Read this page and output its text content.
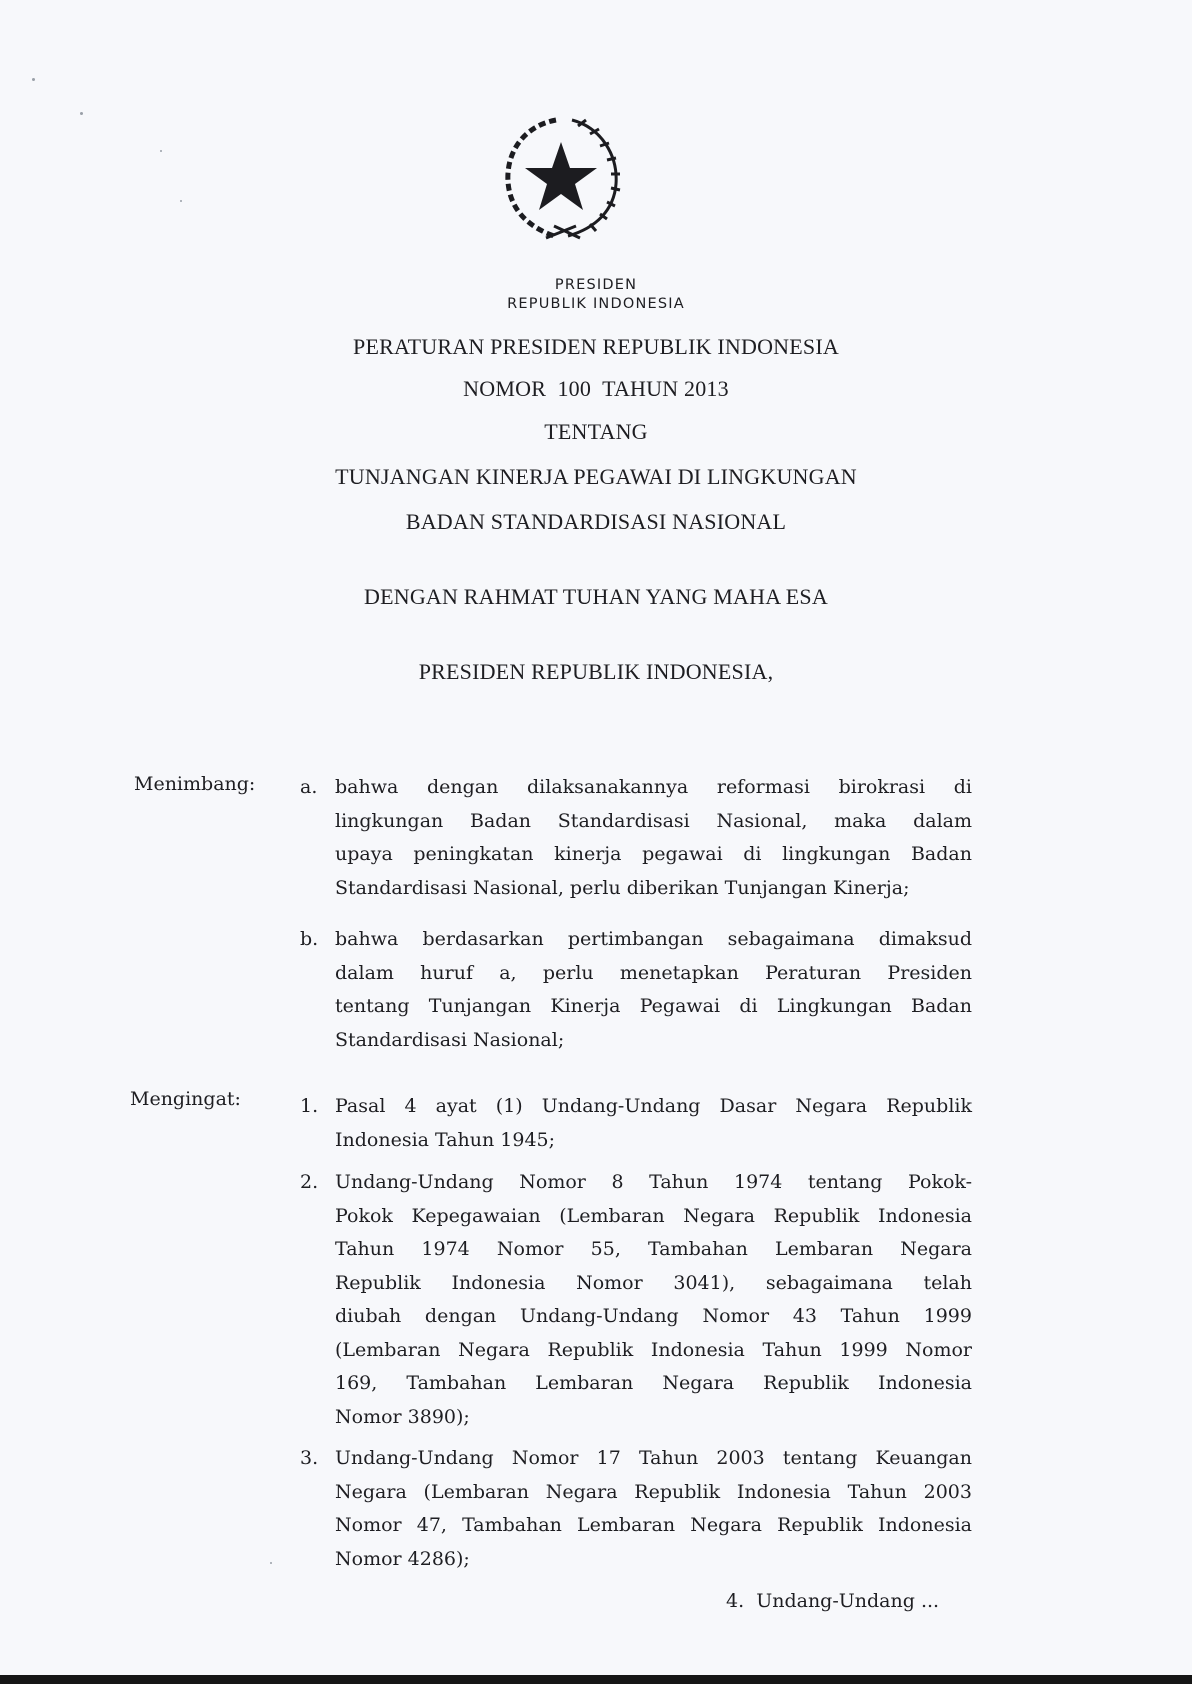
PRESIDEN
REPUBLIK INDONESIA
PERATURAN PRESIDEN REPUBLIK INDONESIA
NOMOR  100  TAHUN 2013
TENTANG
TUNJANGAN KINERJA PEGAWAI DI LINGKUNGAN
BADAN STANDARDISASI NASIONAL
DENGAN RAHMAT TUHAN YANG MAHA ESA
PRESIDEN REPUBLIK INDONESIA,
Menimbang: a. bahwa dengan dilaksanakannya reformasi birokrasi di
lingkungan Badan Standardisasi Nasional, maka dalam
upaya peningkatan kinerja pegawai di lingkungan Badan
Standardisasi Nasional, perlu diberikan Tunjangan Kinerja;
b. bahwa berdasarkan pertimbangan sebagaimana dimaksud
dalam huruf a, perlu menetapkan Peraturan Presiden
tentang Tunjangan Kinerja Pegawai di Lingkungan Badan
Standardisasi Nasional;
Mengingat:	1. Pasal 4 ayat (1) Undang-Undang Dasar Negara Republik
Indonesia Tahun 1945;
2. Undang-Undang Nomor 8 Tahun 1974 tentang Pokok-
Pokok Kepegawaian (Lembaran Negara Republik Indonesia
Tahun 1974 Nomor 55, Tambahan Lembaran Negara
Republik Indonesia Nomor 3041), sebagaimana telah
diubah dengan Undang-Undang Nomor 43 Tahun 1999
(Lembaran Negara Republik Indonesia Tahun 1999 Nomor
169, Tambahan Lembaran Negara Republik Indonesia
Nomor 3890);
3. Undang-Undang Nomor 17 Tahun 2003 tentang Keuangan
Negara (Lembaran Negara Republik Indonesia Tahun 2003
Nomor 47, Tambahan Lembaran Negara Republik Indonesia
Nomor 4286);
4.  Undang-Undang ...
